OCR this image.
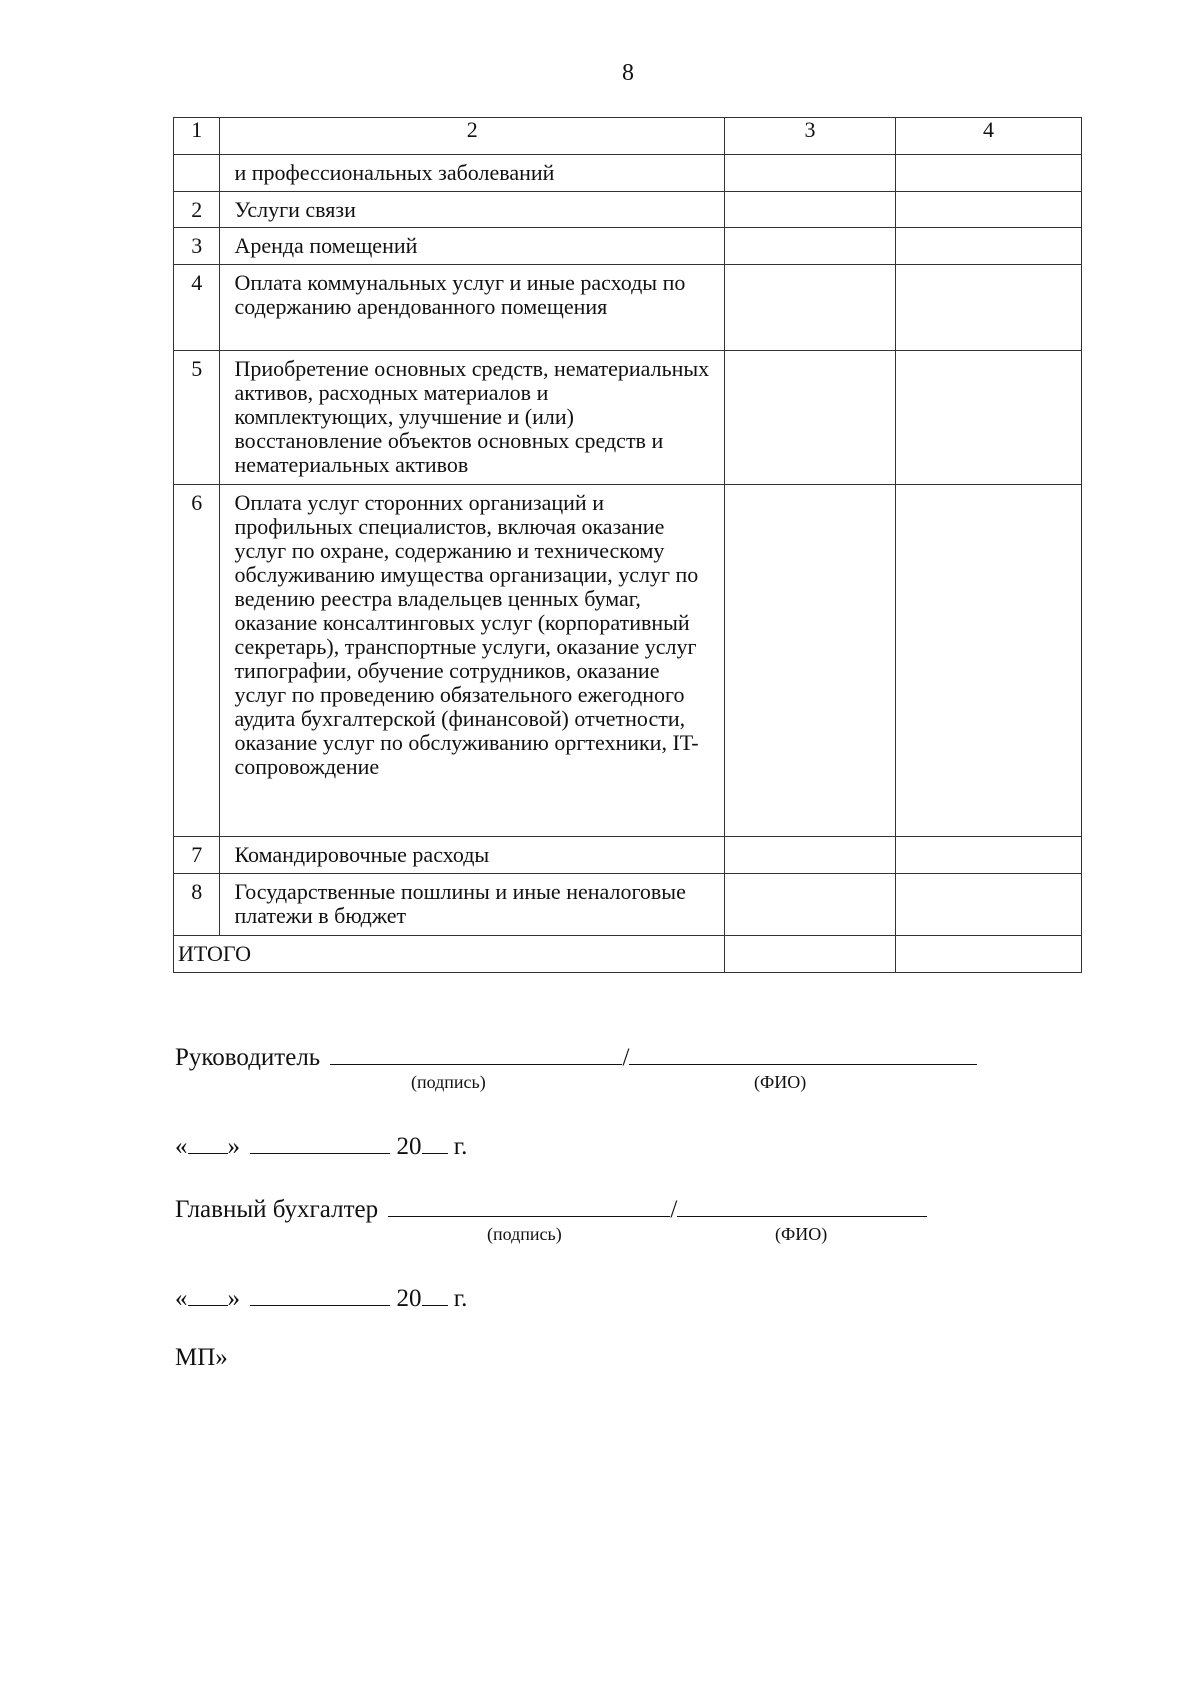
8
1	2	3	4
	и профессиональных заболеваний		
2	Услуги связи		
3	Аренда помещений		
4	Оплата коммунальных услуг и иные расходы по содержанию арендованного помещения		
5	Приобретение основных средств, нематериальных активов, расходных материалов и комплектующих, улучшение и (или) восстановление объектов основных средств и нематериальных активов		
6	Оплата услуг сторонних организаций и профильных специалистов, включая оказание услуг по охране, содержанию и техническому обслуживанию имущества организации, услуг по ведению реестра владельцев ценных бумаг, оказание консалтинговых услуг (корпоративный секретарь), транспортные услуги, оказание услуг типографии, обучение сотрудников, оказание услуг по проведению обязательного ежегодного аудита бухгалтерской (финансовой) отчетности, оказание услуг по обслуживанию оргтехники, IT-сопровождение		
7	Командировочные расходы		
8	Государственные пошлины и иные неналоговые платежи в бюджет		
ИТОГО			
Руководитель	/
(подпись)	(ФИО)
« »	20 г.
Главный бухгалтер	/
(подпись)	(ФИО)
« »	20 г.
МП»
